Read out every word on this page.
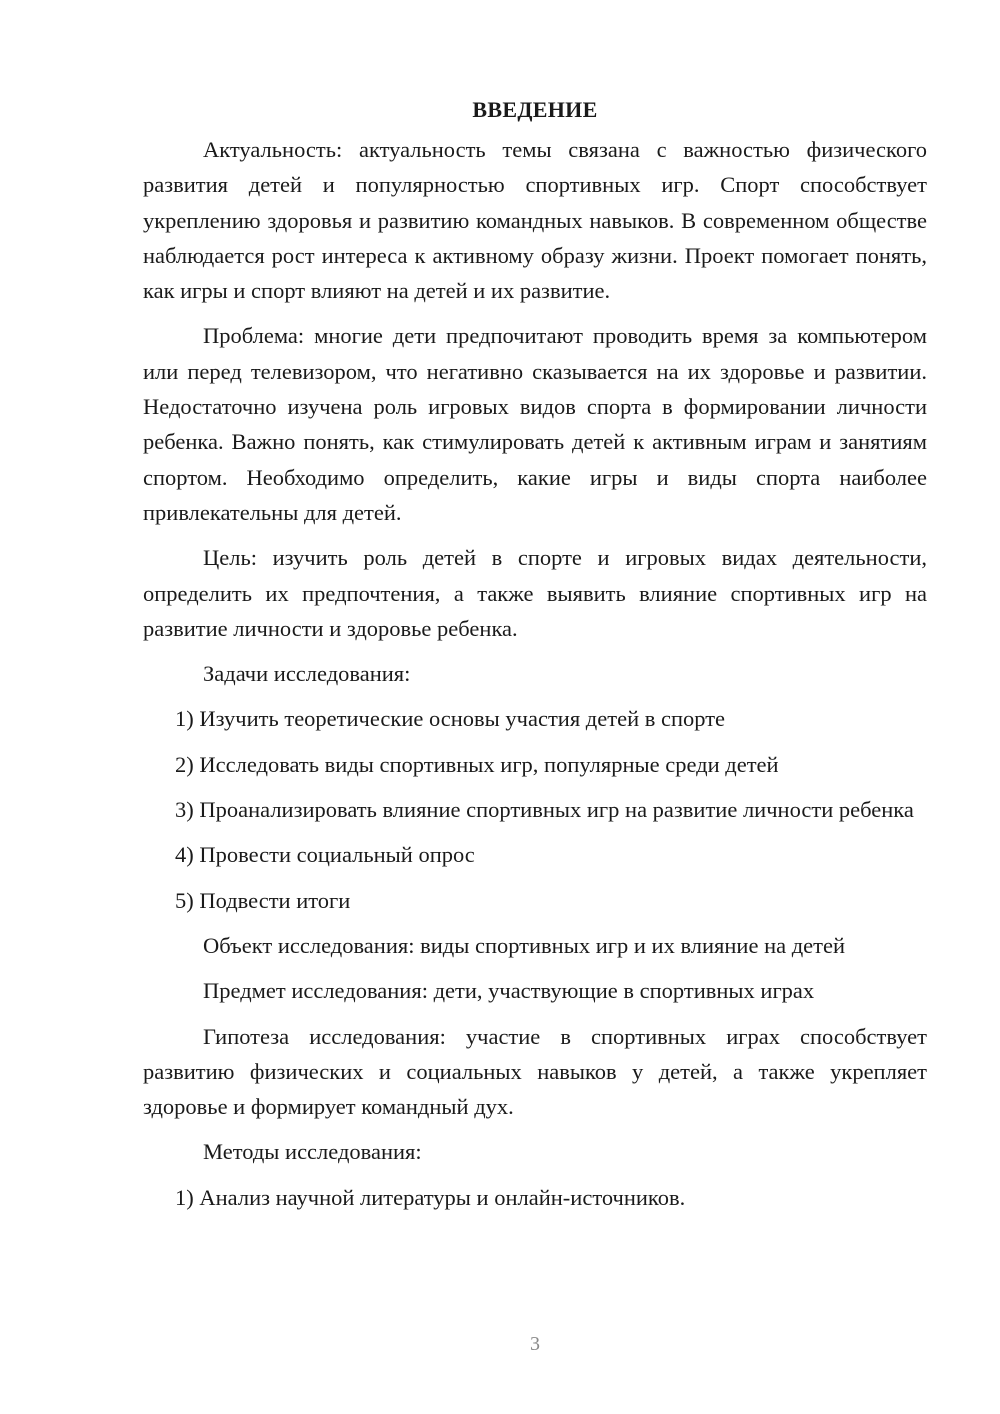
ВВЕДЕНИЕ

Актуальность: актуальность темы связана с важностью физического развития детей и популярностью спортивных игр. Спорт способствует укреплению здоровья и развитию командных навыков. В современном обществе наблюдается рост интереса к активному образу жизни. Проект помогает понять, как игры и спорт влияют на детей и их развитие.

Проблема: многие дети предпочитают проводить время за компьютером или перед телевизором, что негативно сказывается на их здоровье и развитии. Недостаточно изучена роль игровых видов спорта в формировании личности ребенка. Важно понять, как стимулировать детей к активным играм и занятиям спортом. Необходимо определить, какие игры и виды спорта наиболее привлекательны для детей.

Цель: изучить роль детей в спорте и игровых видах деятельности, определить их предпочтения, а также выявить влияние спортивных игр на развитие личности и здоровье ребенка.

Задачи исследования:

1) Изучить теоретические основы участия детей в спорте

2) Исследовать виды спортивных игр, популярные среди детей

3) Проанализировать влияние спортивных игр на развитие личности ребенка

4) Провести социальный опрос

5) Подвести итоги

Объект исследования: виды спортивных игр и их влияние на детей

Предмет исследования: дети, участвующие в спортивных играх

Гипотеза исследования: участие в спортивных играх способствует развитию физических и социальных навыков у детей, а также укрепляет здоровье и формирует командный дух.

Методы исследования:

1) Анализ научной литературы и онлайн-источников.

3
